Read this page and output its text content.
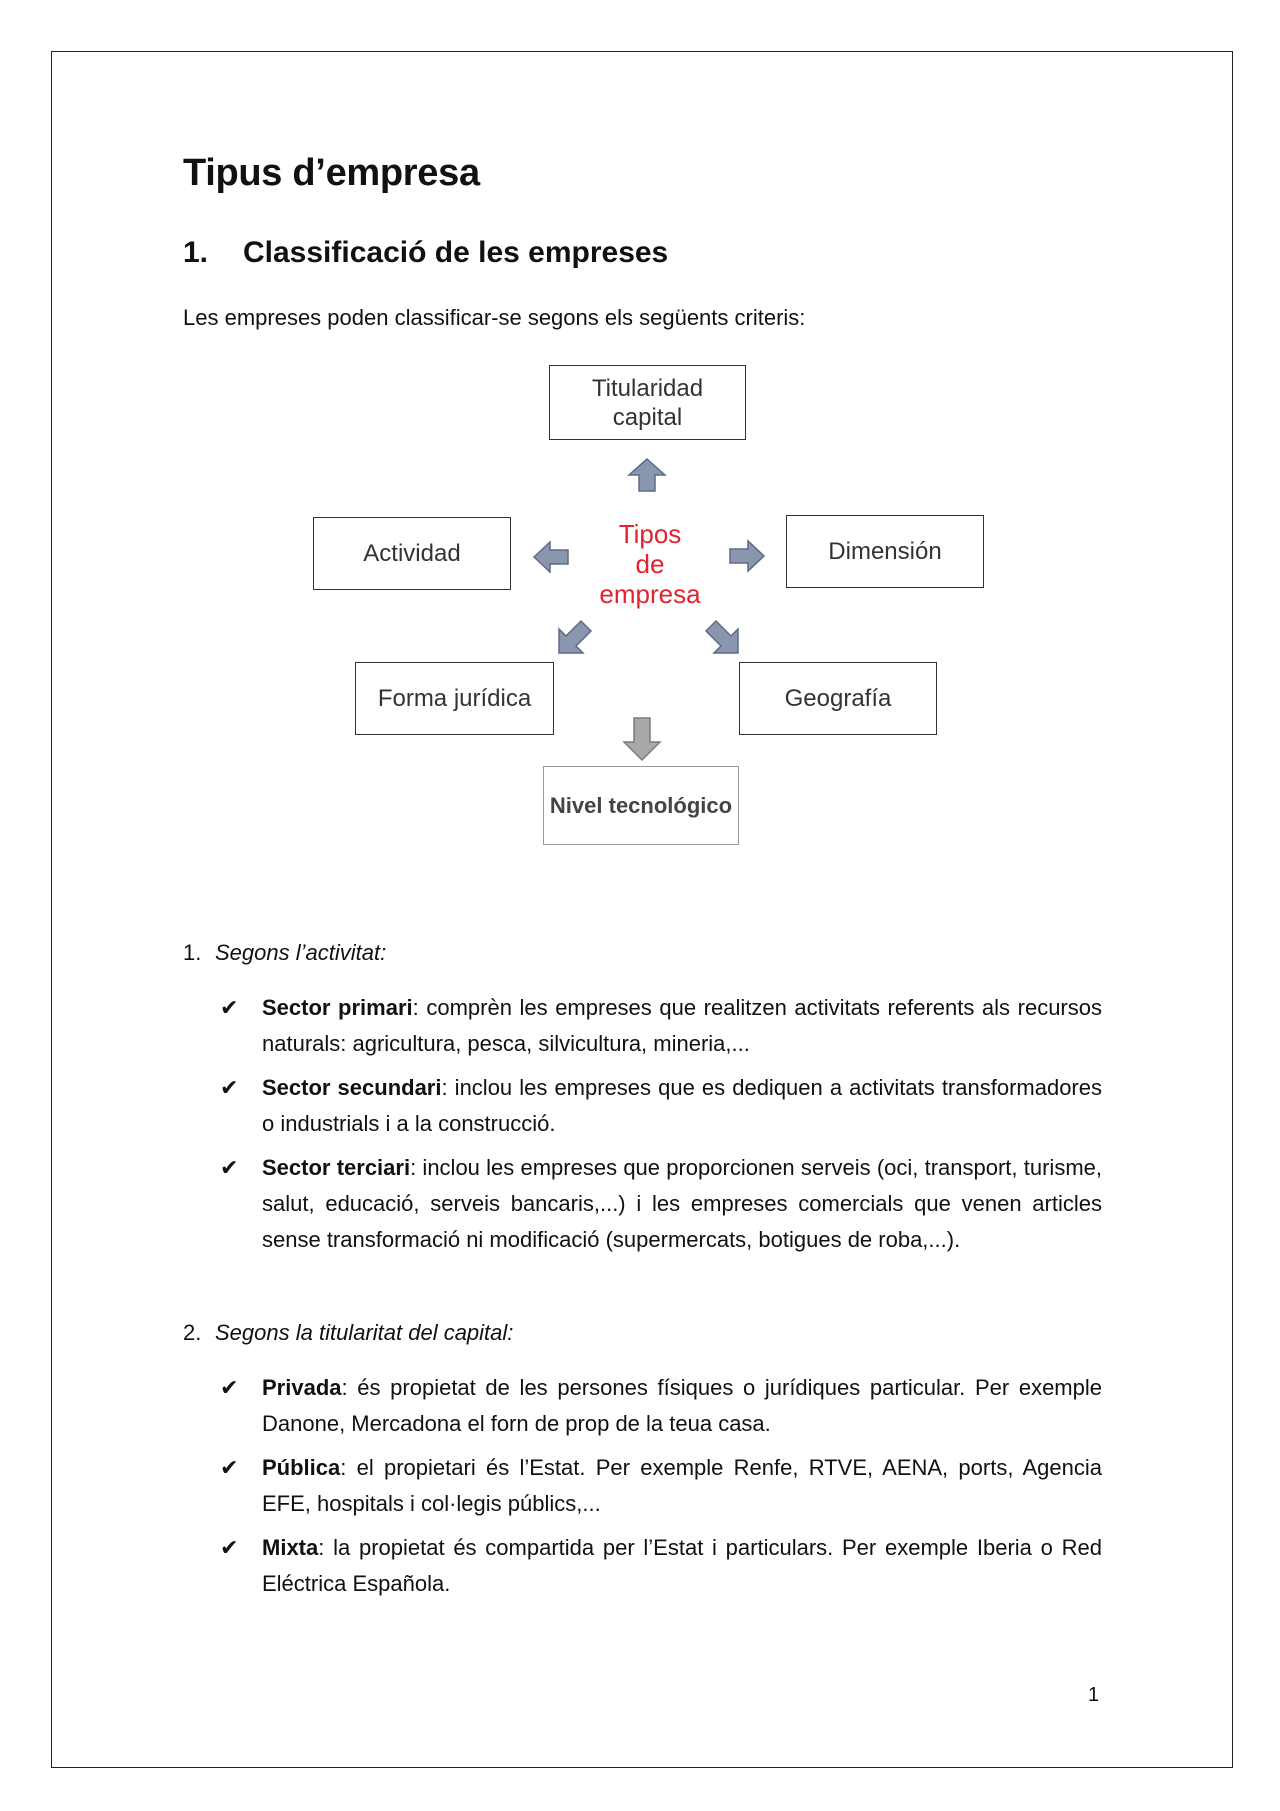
Tipus d’empresa
1. Classificació de les empreses

Les empreses poden classificar-se segons els següents criteris:

Titularidad
capital
Actividad	Dimensión
Forma jurídica	Geografía
Nivel tecnológico
Tipos
de
empresa

1. Segons l’activitat:

✔ Sector primari: comprèn les empreses que realitzen activitats referents als recursos naturals: agricultura, pesca, silvicultura, mineria,...
✔ Sector secundari: inclou les empreses que es dediquen a activitats transformadores o industrials i a la construcció.
✔ Sector terciari: inclou les empreses que proporcionen serveis (oci, transport, turisme, salut, educació, serveis bancaris,...) i les empreses comercials que venen articles sense transformació ni modificació (supermercats, botigues de roba,...).

2. Segons la titularitat del capital:

✔ Privada: és propietat de les persones físiques o jurídiques particular. Per exemple Danone, Mercadona el forn de prop de la teua casa.
✔ Pública: el propietari és l’Estat. Per exemple Renfe, RTVE, AENA, ports, Agencia EFE, hospitals i col·legis públics,...
✔ Mixta: la propietat és compartida per l’Estat i particulars. Per exemple Iberia o Red Eléctrica Española.
1
